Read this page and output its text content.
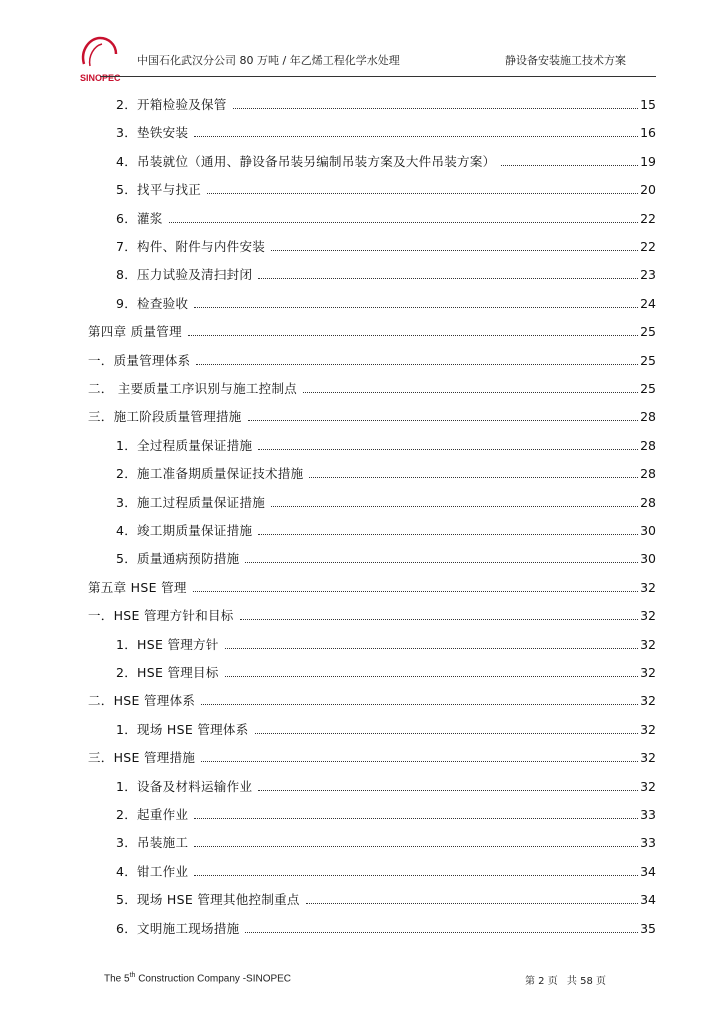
SINOPEC
中国石化武汉分公司 80 万吨 / 年乙烯工程化学水处理	静设备安装施工技术方案
2．开箱检验及保管	15
3．垫铁安装	16
4．吊装就位（通用、静设备吊装另编制吊装方案及大件吊装方案）	19
5．找平与找正	20
6．灌浆	22
7．构件、附件与内件安装	22
8．压力试验及清扫封闭	23
9．检查验收	24
第四章 质量管理	25
一．质量管理体系	25
二． 主要质量工序识别与施工控制点	25
三．施工阶段质量管理措施	28
1．全过程质量保证措施	28
2．施工准备期质量保证技术措施	28
3．施工过程质量保证措施	28
4．竣工期质量保证措施	30
5．质量通病预防措施	30
第五章 HSE 管理	32
一．HSE 管理方针和目标	32
1．HSE 管理方针	32
2．HSE 管理目标	32
二．HSE 管理体系	32
1．现场 HSE 管理体系	32
三．HSE 管理措施	32
1．设备及材料运输作业	32
2．起重作业	33
3．吊装施工	33
4．钳工作业	34
5．现场 HSE 管理其他控制重点	34
6．文明施工现场措施	35
The 5th Construction Company -SINOPEC	第 2 页 共 58 页
